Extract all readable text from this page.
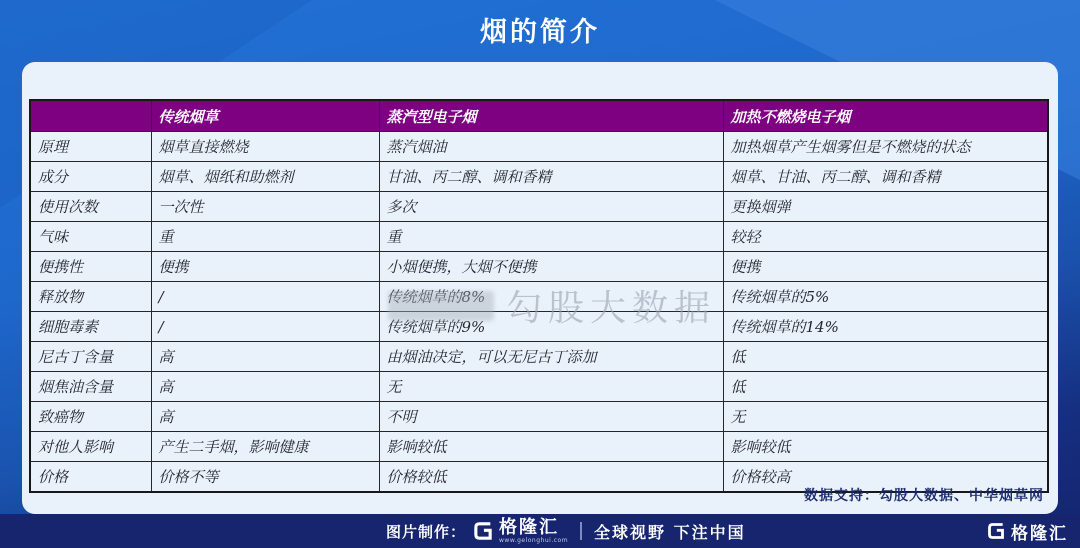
烟的简介
	传统烟草	蒸汽型电子烟	加热不燃烧电子烟
原理	烟草直接燃烧	蒸汽烟油	加热烟草产生烟雾但是不燃烧的状态
成分	烟草、烟纸和助燃剂	甘油、丙二醇、调和香精	烟草、甘油、丙二醇、调和香精
使用次数	一次性	多次	更换烟弹
气味	重	重	较轻
便携性	便携	小烟便携，大烟不便携	便携
释放物	/	传统烟草的8%	传统烟草的5%
细胞毒素	/	传统烟草的9%	传统烟草的14%
尼古丁含量	高	由烟油决定，可以无尼古丁添加	低
烟焦油含量	高	无	低
致癌物	高	不明	无
对他人影响	产生二手烟，影响健康	影响较低	影响较低
价格	价格不等	价格较低	价格较高
勾股大数据
数据支持：勾股大数据、中华烟草网
图片制作： 格隆汇
www.gelonghui.com 全球视野 下注中国	格隆汇
